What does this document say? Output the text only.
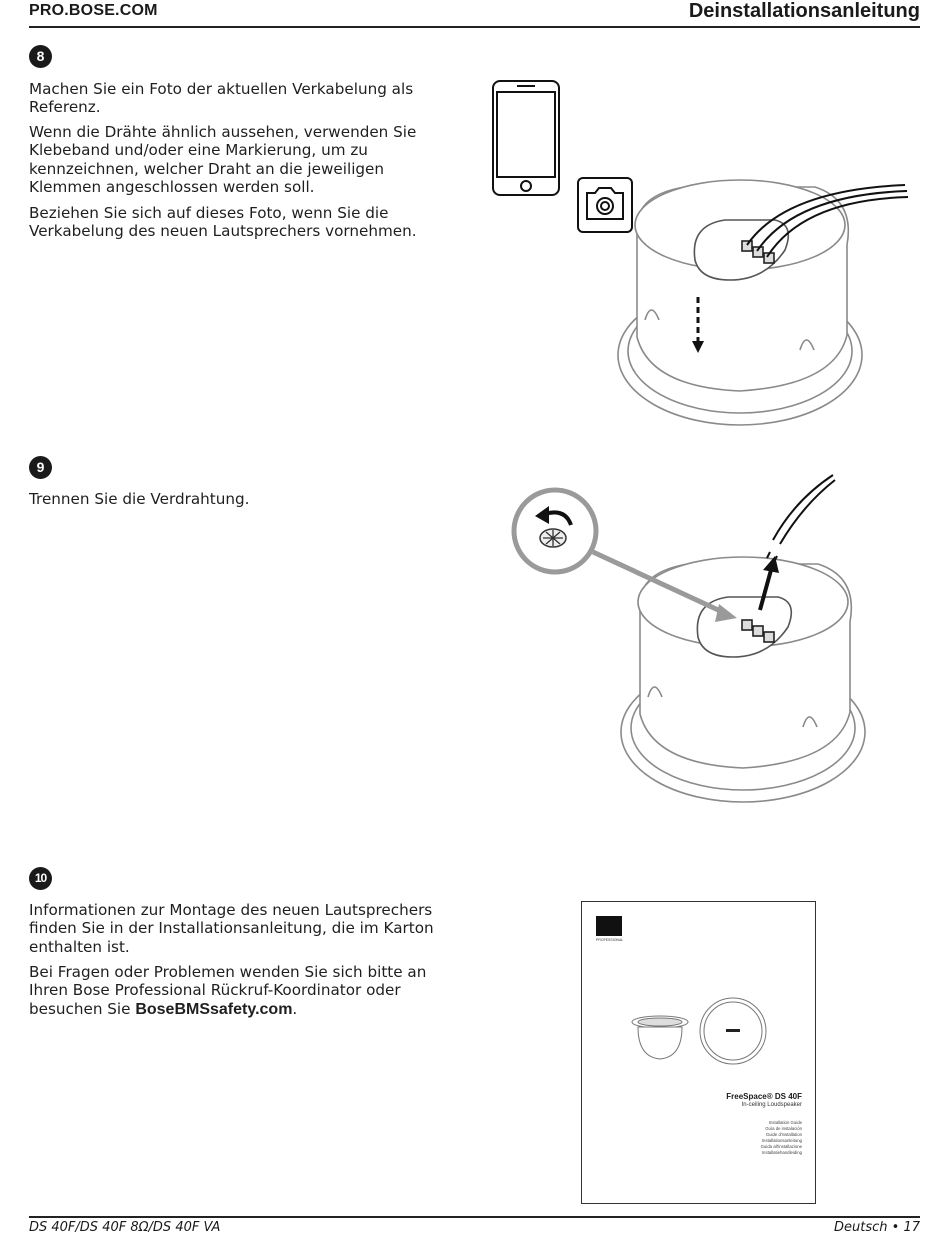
PRO.BOSE.COM	Deinstallationsanleitung
8
Machen Sie ein Foto der aktuellen Verkabelung als Referenz.
Wenn die Drähte ähnlich aussehen, verwenden Sie Klebeband und/oder eine Markierung, um zu kennzeichnen, welcher Draht an die jeweiligen Klemmen angeschlossen werden soll.
Beziehen Sie sich auf dieses Foto, wenn Sie die Verkabelung des neuen Lautsprechers vornehmen.
9
Trennen Sie die Verdrahtung.
10
Informationen zur Montage des neuen Lautsprechers finden Sie in der Installationsanleitung, die im Karton enthalten ist.
Bei Fragen oder Problemen wenden Sie sich bitte an Ihren Bose Professional Rückruf-Koordinator oder besuchen Sie BoseBMSsafety.com.
PROFESSIONAL
FreeSpace® DS 40F
In-ceiling Loudspeaker
Installation Guide
Guía de instalación
Guide d'installation
Installationsanleitung
Guida all'installazione
Installatiehandleiding
DS 40F/DS 40F 8Ω/DS 40F VA	Deutsch • 17
